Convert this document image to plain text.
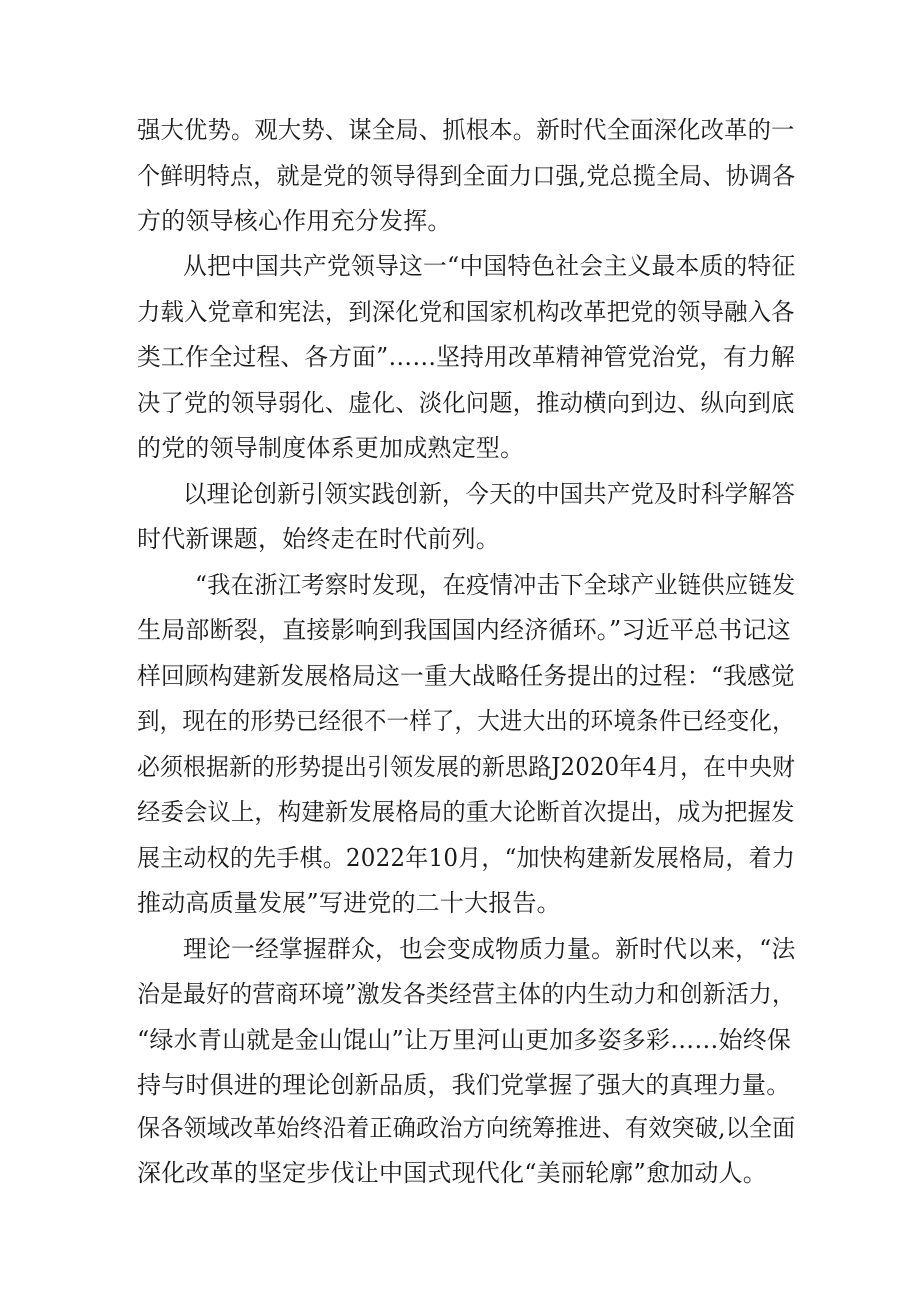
强大优势。观大势、谋全局、抓根本。新时代全面深化改革的一
个鲜明特点，就是党的领导得到全面力口强,党总揽全局、协调各
方的领导核心作用充分发挥。
从把中国共产党领导这一“中国特色社会主义最本质的特征
力载入党章和宪法，到深化党和国家机构改革把党的领导融入各
类工作全过程、各方面”……坚持用改革精神管党治党，有力解
决了党的领导弱化、虚化、淡化问题，推动横向到边、纵向到底
的党的领导制度体系更加成熟定型。
以理论创新引领实践创新，今天的中国共产党及时科学解答
时代新课题，始终走在时代前列。
“我在浙江考察时发现，在疫情冲击下全球产业链供应链发
生局部断裂，直接影响到我国国内经济循环。”习近平总书记这
样回顾构建新发展格局这一重大战略任务提出的过程：“我感觉
到，现在的形势已经很不一样了，大进大出的环境条件已经变化，
必须根据新的形势提出引领发展的新思路J2020年4月，在中央财
经委会议上，构建新发展格局的重大论断首次提出，成为把握发
展主动权的先手棋。2022年10月，“加快构建新发展格局，着力
推动高质量发展”写进党的二十大报告。
理论一经掌握群众，也会变成物质力量。新时代以来，“法
治是最好的营商环境”激发各类经营主体的内生动力和创新活力，
“绿水青山就是金山馄山”让万里河山更加多姿多彩……始终保
持与时俱进的理论创新品质，我们党掌握了强大的真理力量。
保各领域改革始终沿着正确政治方向统筹推进、有效突破,以全面
深化改革的坚定步伐让中国式现代化“美丽轮廓”愈加动人。
